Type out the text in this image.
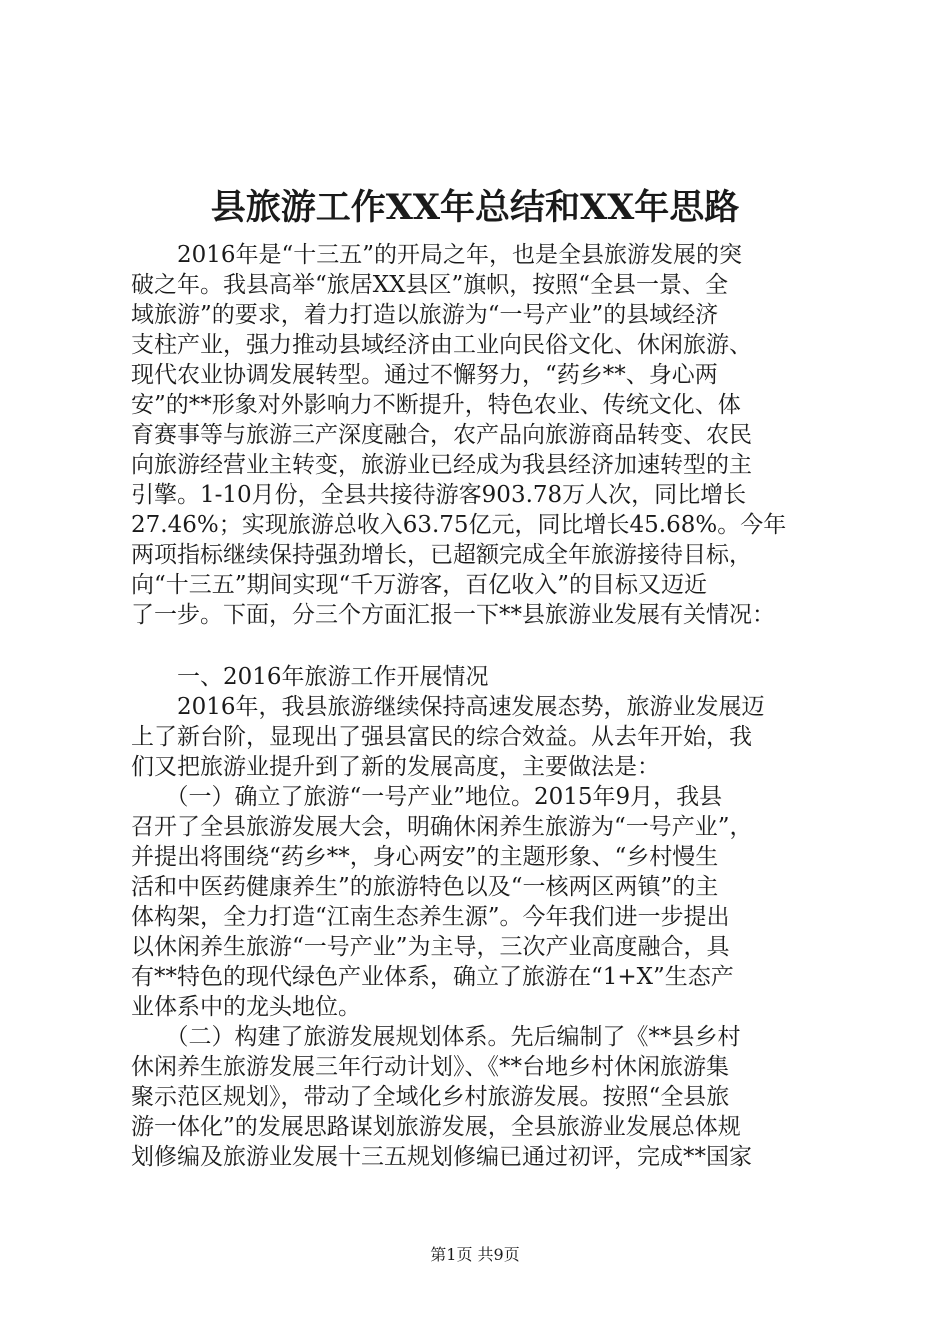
县旅游工作XX年总结和XX年思路
　　2016年是“十三五”的开局之年，也是全县旅游发展的突
破之年。我县高举“旅居XX县区”旗帜，按照“全县一景、全
域旅游”的要求，着力打造以旅游为“一号产业”的县域经济
支柱产业，强力推动县域经济由工业向民俗文化、休闲旅游、
现代农业协调发展转型。通过不懈努力，“药乡**、身心两
安”的**形象对外影响力不断提升，特色农业、传统文化、体
育赛事等与旅游三产深度融合，农产品向旅游商品转变、农民
向旅游经营业主转变，旅游业已经成为我县经济加速转型的主
引擎。1-10月份，全县共接待游客903.78万人次，同比增长
27.46%；实现旅游总收入63.75亿元，同比增长45.68%。今年
两项指标继续保持强劲增长，已超额完成全年旅游接待目标，
向“十三五”期间实现“千万游客，百亿收入”的目标又迈近
了一步。下面，分三个方面汇报一下**县旅游业发展有关情况：
　　一、2016年旅游工作开展情况
　　2016年，我县旅游继续保持高速发展态势，旅游业发展迈
上了新台阶，显现出了强县富民的综合效益。从去年开始，我
们又把旅游业提升到了新的发展高度，主要做法是：
　　（一）确立了旅游“一号产业”地位。2015年9月，我县
召开了全县旅游发展大会，明确休闲养生旅游为“一号产业”，
并提出将围绕“药乡**，身心两安”的主题形象、“乡村慢生
活和中医药健康养生”的旅游特色以及“一核两区两镇”的主
体构架，全力打造“江南生态养生源”。今年我们进一步提出
以休闲养生旅游“一号产业”为主导，三次产业高度融合，具
有**特色的现代绿色产业体系，确立了旅游在“1+X”生态产
业体系中的龙头地位。
　　（二）构建了旅游发展规划体系。先后编制了《**县乡村
休闲养生旅游发展三年行动计划》、《**台地乡村休闲旅游集
聚示范区规划》，带动了全域化乡村旅游发展。按照“全县旅
游一体化”的发展思路谋划旅游发展，全县旅游业发展总体规
划修编及旅游业发展十三五规划修编已通过初评，完成**国家
第1页 共9页
